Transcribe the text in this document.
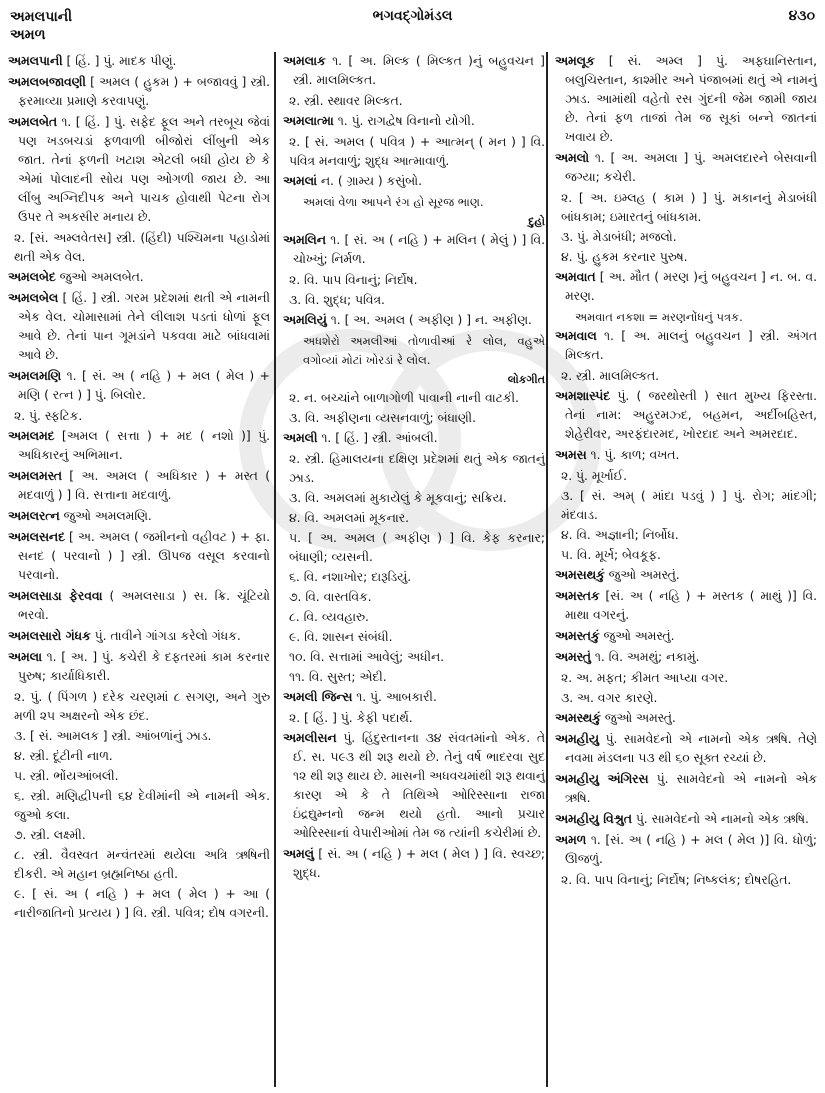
અમલપાની
અમળ
ભગવદ્ગોમંડલ	૪૩૦
અમલપાની [ હિં. ] પું. માદક પીણું.
અમલબજાવણી [ અમલ ( હુકમ ) + બજાવવું ] સ્ત્રી. ફરમાવ્યા પ્રમાણે કરવાપણું.
અમલબેત ૧. [ હિં. ] પું. સફેદ ફૂલ અને તરબૂચ જેવાં પણ ખડબચડાં ફળવાળી બીજોરાં લીંબુની એક જાત. તેનાં ફળની ખટાશ એટલી બધી હોય છે કે એમાં પોલાદની સોય પણ ઓગળી જાય છે. આ લીંબુ અગ્નિદીપક અને પાચક હોવાથી પેટના રોગ ઉપર તે અકસીર મનાય છે.
૨. [સં. અમ્લવેતસ] સ્ત્રી. (હિંદી) પશ્ચિમના પહાડોમાં થતી એક વેલ.
અમલબેદ જુઓ અમલબેત.
અમલબેલ [ હિં. ] સ્ત્રી. ગરમ પ્રદેશમાં થતી એ નામની એક વેલ. ચોમાસામાં તેને લીલાશ પડતાં ધોળાં ફૂલ આવે છે. તેનાં પાન ગૂમડાંને પકવવા માટે બાંધવામાં આવે છે.
અમલમણિ ૧. [ સં. અ ( નહિ ) + મલ ( મેલ ) + મણિ ( રત્ન ) ] પું. બિલોર.
૨. પું. સ્ફટિક.
અમલમદ [અમલ ( સત્તા ) + મદ ( નશો )] પું. અધિકારનું અભિમાન.
અમલમસ્ત [ અ. અમલ ( અધિકાર ) + મસ્ત ( મદવાળું ) ] વિ. સત્તાના મદવાળું.
અમલરત્ન જુઓ અમલમણિ.
અમલસનદ [ અ. અમલ ( જમીનનો વહીવટ ) + ફા. સનદ ( પરવાનો ) ] સ્ત્રી. ઊપજ વસૂલ કરવાનો પરવાનો.
અમલસાડા ફેરવવા ( અમલસાડા ) સ. ક્રિ. ચૂંટિયો ભરવો.
અમલસારો ગંધક પું. તાવીને ગાંગડા કરેલો ગંધક.
અમલા ૧. [ અ. ] પું. કચેરી કે દફતરમાં કામ કરનાર પુરુષ; કાર્યાધિકારી.
૨. પું. ( પિંગળ ) દરેક ચરણમાં ૮ સગણ, અને ગુરુ મળી ૨૫ અક્ષરનો એક છંદ.
૩. [ સં. આમલક ] સ્ત્રી. આંબળાંનું ઝાડ.
૪. સ્ત્રી. દૂંટીની નાળ.
૫. સ્ત્રી. ભોંયઆંબલી.
૬. સ્ત્રી. મણિદ્વીપની ૬૪ દેવીમાંની એ નામની એક. જુઓ કલા.
૭. સ્ત્રી. લક્ષ્મી.
૮. સ્ત્રી. વૈવસ્વત મન્વંતરમાં થયેલા અત્રિ ઋષિની દીકરી. એ મહાન બ્રહ્મનિષ્ઠા હતી.
૯. [ સં. અ ( નહિ ) + મલ ( મેલ ) + આ ( નારીજાતિનો પ્રત્યય ) ] વિ. સ્ત્રી. પવિત્ર; દોષ વગરની.
અમલાક ૧. [ અ. મિલ્ક ( મિલ્કત )નું બહુવચન ] સ્ત્રી. માલમિલ્કત.
૨. સ્ત્રી. સ્થાવર મિલ્કત.
અમલાત્મા ૧. પું. રાગદ્વેષ વિનાનો યોગી.
૨. [ સં. અમલ ( પવિત્ર ) + આત્મન્ ( મન ) ] વિ. પવિત્ર મનવાળું; શુદ્ધ આત્માવાળું.
અમલાં ન. ( ગ્રામ્ય ) કસુંબો.
અમલાં વેળા આપને રંગ હો સૂરજ ભાણ.
દુહો
અમલિન ૧. [ સં. અ ( નહિ ) + મલિન ( મેલું ) ] વિ. ચોખ્ખું; નિર્મળ.
૨. વિ. પાપ વિનાનું; નિર્દોષ.
૩. વિ. શુદ્ધ; પવિત્ર.
અમલિયું ૧. [ અ. અમલ ( અફીણ ) ] ન. અફીણ.
અધશેરો અમલીઆં તોળાવીઆં રે લોલ, વહુએ વગોવ્યાં મોટાં ખોરડાં રે લોલ.
લોકગીત
૨. ન. બચ્ચાંને બાળાગોળી પાવાની નાની વાટકી.
૩. વિ. અફીણના વ્યસનવાળું; બંધાણી.
અમલી ૧. [ હિં. ] સ્ત્રી. આંબલી.
૨. સ્ત્રી. હિમાલયના દક્ષિણ પ્રદેશમાં થતું એક જાતનું ઝાડ.
૩. વિ. અમલમાં મુકાયેલું કે મૂકવાનું; સક્રિય.
૪. વિ. અમલમાં મૂકનાર.
૫. [ અ. અમલ ( અફીણ ) ] વિ. કેફ કરનાર; બંધાણી; વ્યસની.
૬. વિ. નશાખોર; દારૂડિયું.
૭. વિ. વાસ્તવિક.
૮. વિ. વ્યવહારુ.
૯. વિ. શાસન સંબંધી.
૧૦. વિ. સત્તામાં આવેલું; અધીન.
૧૧. વિ. સુસ્ત; એદી.
અમલી જિન્સ ૧. પું. આબકારી.
૨. [ હિં. ] પું. કેફી પદાર્થ.
અમલીસન પું. હિંદુસ્તાનના ૩૪ સંવતમાંનો એક. તે ઈ. સ. ૫૯૩ થી શરૂ થયો છે. તેનું વર્ષ ભાદરવા સુદ ૧૨ થી શરૂ થાય છે. માસની અધવચમાંથી શરૂ થવાનું કારણ એ કે તે તિથિએ ઓરિસ્સાના રાજા ઇંદ્રદ્યુમ્નનો જન્મ થયો હતો. આનો પ્રચાર ઓરિસ્સાનાં વેપારીઓમાં તેમ જ ત્યાંની કચેરીમાં છે.
અમલું [ સં. અ ( નહિ ) + મલ ( મેલ ) ] વિ. સ્વચ્છ; શુદ્ધ.
અમલૂક [ સં. અમ્લ ] પું. અફઘાનિસ્તાન, બલુચિસ્તાન, કાશ્મીર અને પંજાબમાં થતું એ નામનું ઝાડ. આમાંથી વહેતો રસ ગુંદની જેમ જામી જાય છે. તેનાં ફળ તાજાં તેમ જ સૂકાં બન્ને જાતનાં ખવાય છે.
અમલો ૧. [ અ. અમલા ] પું. અમલદારને બેસવાની જગ્યા; કચેરી.
૨. [ અ. ઇમ્લહ ( કામ ) ] પું. મકાનનું મેડાબંધી બાંધકામ; ઇમારતનું બાંધકામ.
૩. પું. મેડાબંધી; મજલો.
૪. પું. હુકમ કરનાર પુરુષ.
અમવાત [ અ. મૌત ( મરણ )નું બહુવચન ] ન. બ. વ. મરણ.
અમવાત નકશા = મરણનોંધનું પત્રક.
અમવાલ ૧. [ અ. માલનું બહુવચન ] સ્ત્રી. અંગત મિલ્કત.
૨. સ્ત્રી. માલમિલ્કત.
અમશાસ્પંદ પું. ( જરથોસ્તી ) સાત મુખ્ય ફિરસ્તા. તેનાં નામ: અહુરમઝ્દ, બહમન, અર્દીબહિસ્ત, શેહેરીવર, અરફંદારમદ, ખોરદાદ અને અમરદાદ.
અમસ ૧. પું. કાળ; વખત.
૨. પું. મૂર્ખાઈ.
૩. [ સં. અમ્ ( માંદા પડવું ) ] પું. રોગ; માંદગી; મંદવાડ.
૪. વિ. અજ્ઞાની; નિર્બોધ.
૫. વિ. મૂર્ખ; બેવકૂફ.
અમસથકું જુઓ અમસ્તું.
અમસ્તક [સં. અ ( નહિ ) + મસ્તક ( માથું )] વિ. માથા વગરનું.
અમસ્તકું જુઓ અમસ્તું.
અમસ્તું ૧. વિ. અમથું; નકામું.
૨. અ. મફત; કીમત આપ્યા વગર.
૩. અ. વગર કારણે.
અમસ્થકું જુઓ અમસ્તું.
અમહીયુ પું. સામવેદનો એ નામનો એક ઋષિ. તેણે નવમા મંડલના ૫૩ થી ૬૦ સૂક્ત રચ્યાં છે.
અમહીયુ અંગિરસ પું. સામવેદનો એ નામનો એક ઋષિ.
અમહીયુ વિશ્રુત પું. સામવેદનો એ નામનો એક ઋષિ.
અમળ ૧. [સં. અ ( નહિ ) + મલ ( મેલ )] વિ. ધોળું; ઊજળું.
૨. વિ. પાપ વિનાનું; નિર્દોષ; નિષ્કલંક; દોષરહિત.
